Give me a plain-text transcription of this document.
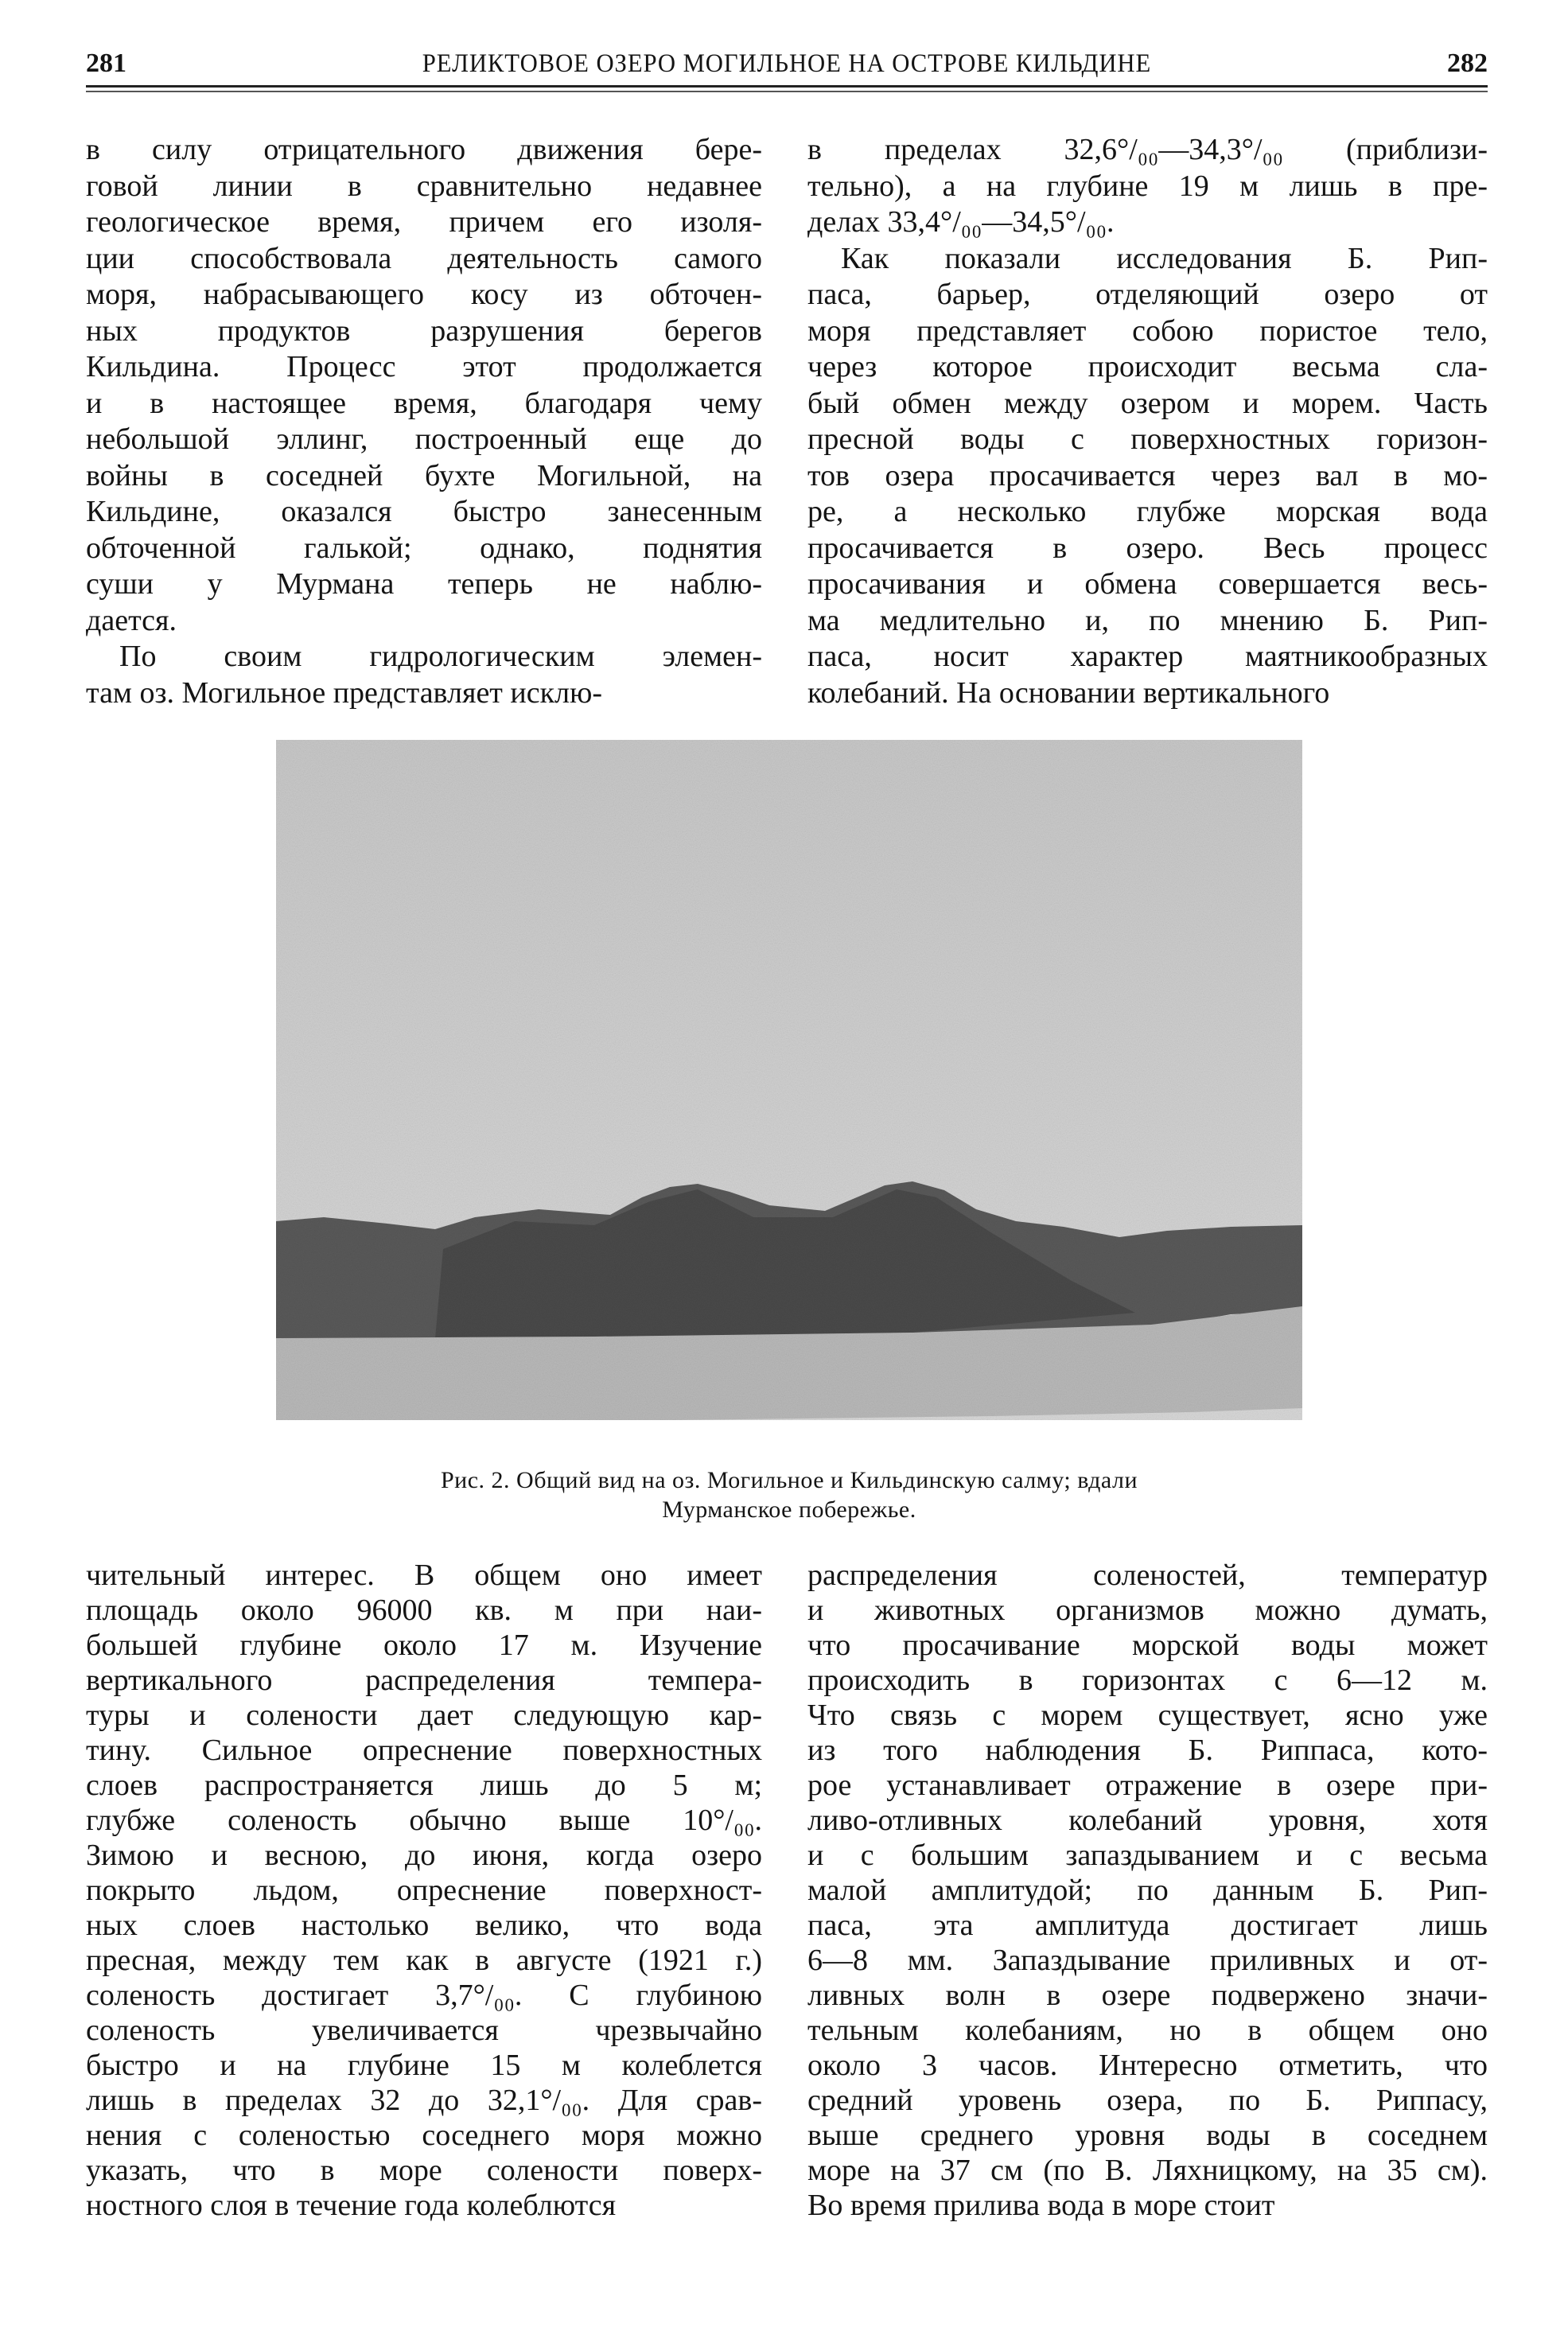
281	РЕЛИКТОВОЕ ОЗЕРО МОГИЛЬНОЕ НА ОСТРОВЕ КИЛЬДИНЕ	282
в силу отрицательного движения бере-
говой линии в сравнительно недавнее
геологическое время, причем его изоля-
ции способствовала деятельность самого
моря, набрасывающего косу из обточен-
ных продуктов разрушения берегов
Кильдина. Процесс этот продолжается
и в настоящее время, благодаря чему
небольшой эллинг, построенный еще до
войны в соседней бухте Могильной, на
Кильдине, оказался быстро занесенным
обточенной галькой; однако, поднятия
суши у Мурмана теперь не наблю-
дается.
По своим гидрологическим элемен-
там оз. Могильное представляет исклю-
в пределах 32,6°/₀₀—34,3°/₀₀ (приблизи-
тельно), а на глубине 19 м лишь в пре-
делах 33,4°/₀₀—34,5°/₀₀.
Как показали исследования Б. Рип-
паса, барьер, отделяющий озеро от
моря представляет собою пористое тело,
через которое происходит весьма сла-
бый обмен между озером и морем. Часть
пресной воды с поверхностных горизон-
тов озера просачивается через вал в мо-
ре, а несколько глубже морская вода
просачивается в озеро. Весь процесс
просачивания и обмена совершается весь-
ма медлительно и, по мнению Б. Рип-
паса, носит характер маятникообразных
колебаний. На основании вертикального
Рис. 2. Общий вид на оз. Могильное и Кильдинскую салму; вдали
Мурманское побережье.
чительный интерес. В общем оно имеет
площадь около 96000 кв. м при наи-
большей глубине около 17 м. Изучение
вертикального распределения темпера-
туры и солености дает следующую кар-
тину. Сильное опреснение поверхностных
слоев распространяется лишь до 5 м;
глубже соленость обычно выше 10°/₀₀.
Зимою и весною, до июня, когда озеро
покрыто льдом, опреснение поверхност-
ных слоев настолько велико, что вода
пресная, между тем как в августе (1921 г.)
соленость достигает 3,7°/₀₀. С глубиною
соленость увеличивается чрезвычайно
быстро и на глубине 15 м колеблется
лишь в пределах 32 до 32,1°/₀₀. Для срав-
нения с соленостью соседнего моря можно
указать, что в море солености поверх-
ностного слоя в течение года колеблются
распределения соленостей, температур
и животных организмов можно думать,
что просачивание морской воды может
происходить в горизонтах с 6—12 м.
Что связь с морем существует, ясно уже
из того наблюдения Б. Риппаса, кото-
рое устанавливает отражение в озере при-
ливо-отливных колебаний уровня, хотя
и с большим запаздыванием и с весьма
малой амплитудой; по данным Б. Рип-
паса, эта амплитуда достигает лишь
6—8 мм. Запаздывание приливных и от-
ливных волн в озере подвержено значи-
тельным колебаниям, но в общем оно
около 3 часов. Интересно отметить, что
средний уровень озера, по Б. Риппасу,
выше среднего уровня воды в соседнем
море на 37 см (по В. Ляхницкому, на 35 см).
Во время прилива вода в море стоит
